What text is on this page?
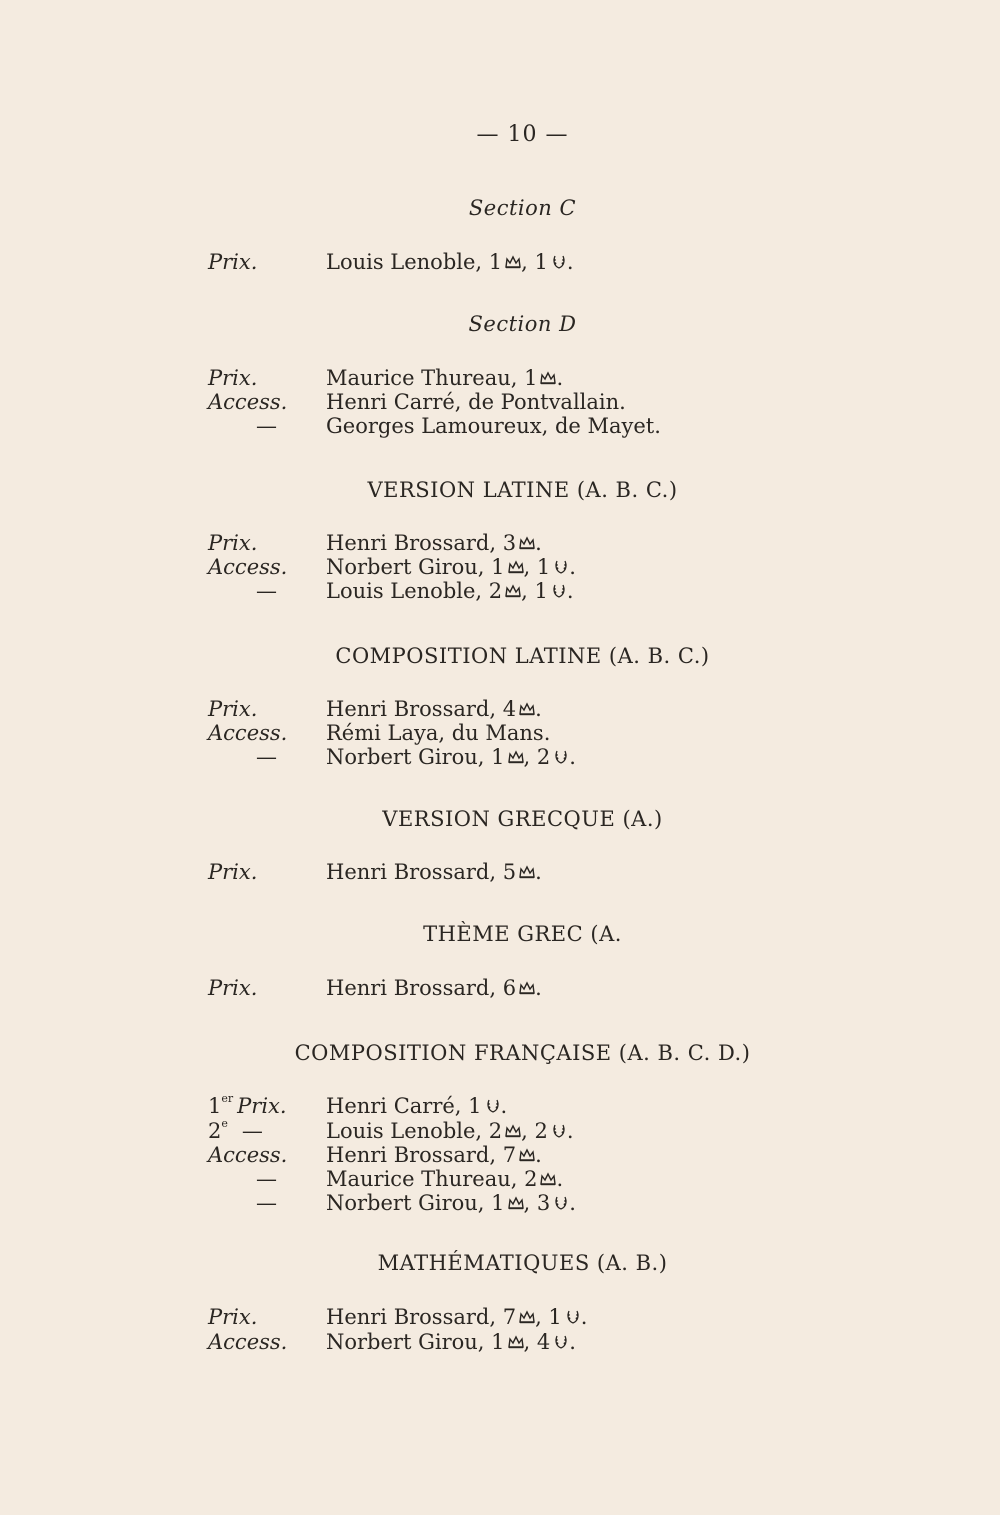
— 10 —
Section C
Prix.	Louis Lenoble, 1 , 1 .
Section D
Prix.	Maurice Thureau, 1 .
Access.	Henri Carré, de Pontvallain.
—	Georges Lamoureux, de Mayet.
VERSION LATINE (A. B. C.)
Prix.	Henri Brossard, 3 .
Access.	Norbert Girou, 1 , 1 .
—	Louis Lenoble, 2 , 1 .
COMPOSITION LATINE (A. B. C.)
Prix.	Henri Brossard, 4 .
Access.	Rémi Laya, du Mans.
—	Norbert Girou, 1 , 2 .
VERSION GRECQUE (A.)
Prix.	Henri Brossard, 5 .
THÈME GREC (A.
Prix.	Henri Brossard, 6 .
COMPOSITION FRANÇAISE (A. B. C. D.)
1er Prix.	Henri Carré, 1 .
2e —	Louis Lenoble, 2 , 2 .
Access.	Henri Brossard, 7 .
—	Maurice Thureau, 2 .
—	Norbert Girou, 1 , 3 .
MATHÉMATIQUES (A. B.)
Prix.	Henri Brossard, 7 , 1 .
Access.	Norbert Girou, 1 , 4 .
